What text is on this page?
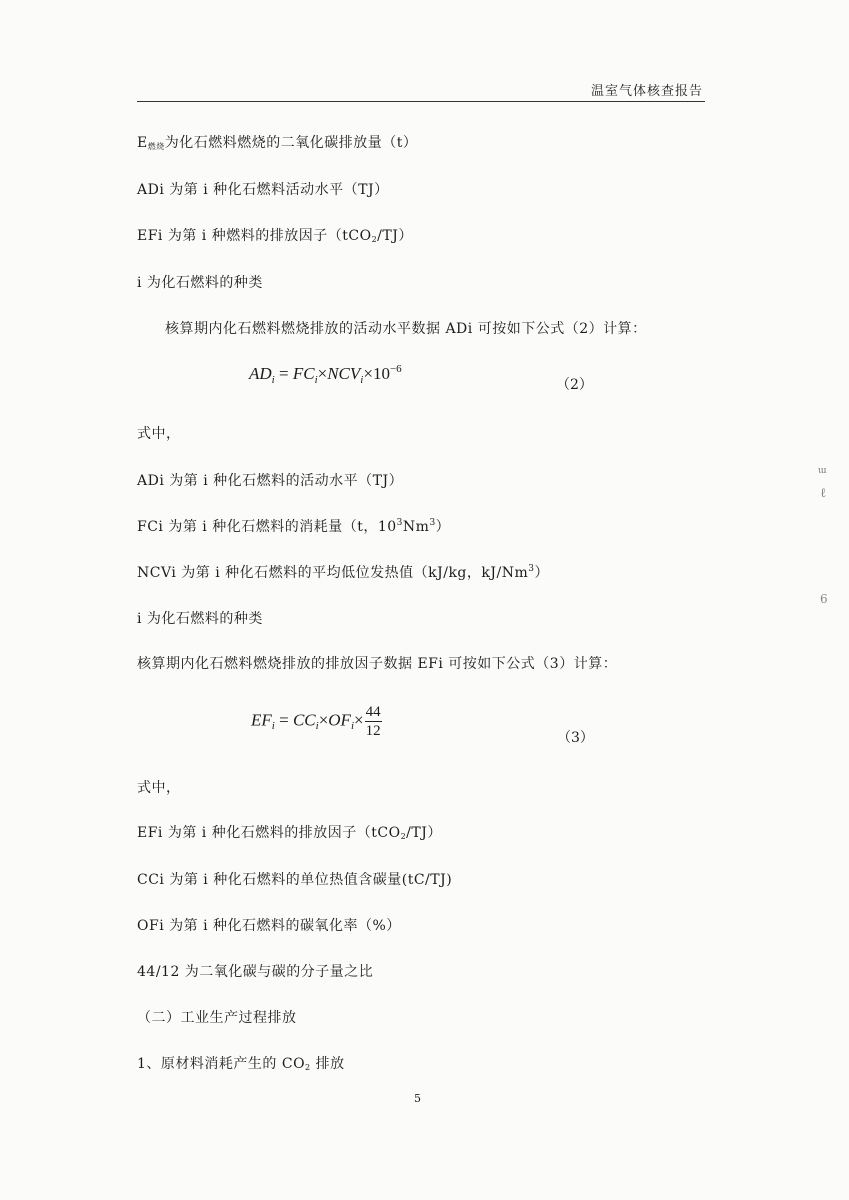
温室气体核查报告
E燃烧为化石燃料燃烧的二氧化碳排放量（t）
ADi 为第 i 种化石燃料活动水平（TJ）
EFi 为第 i 种燃料的排放因子（tCO2/TJ）
i 为化石燃料的种类
核算期内化石燃料燃烧排放的活动水平数据 ADi 可按如下公式（2）计算：
$AD_i = FC_i\times NCV_i\times 10^{-6}$
（2）
式中，
ADi 为第 i 种化石燃料的活动水平（TJ）
FCi 为第 i 种化石燃料的消耗量（t，$10^3Nm^3$）
NCVi 为第 i 种化石燃料的平均低位发热值（kJ/kg，kJ/Nm$^3$）
i 为化石燃料的种类
核算期内化石燃料燃烧排放的排放因子数据 EFi 可按如下公式（3）计算：
$EF_i = CC_i\times OF_i\times \frac{44}{12}$	（3）
式中，
EFi 为第 i 种化石燃料的排放因子（tCO2/TJ）
CCi 为第 i 种化石燃料的单位热值含碳量(tC/TJ)
OFi 为第 i 种化石燃料的碳氧化率（%）
44/12 为二氧化碳与碳的分子量之比
（二）工业生产过程排放
1、原材料消耗产生的 CO2 排放
5
ɯ
ℓ
6
